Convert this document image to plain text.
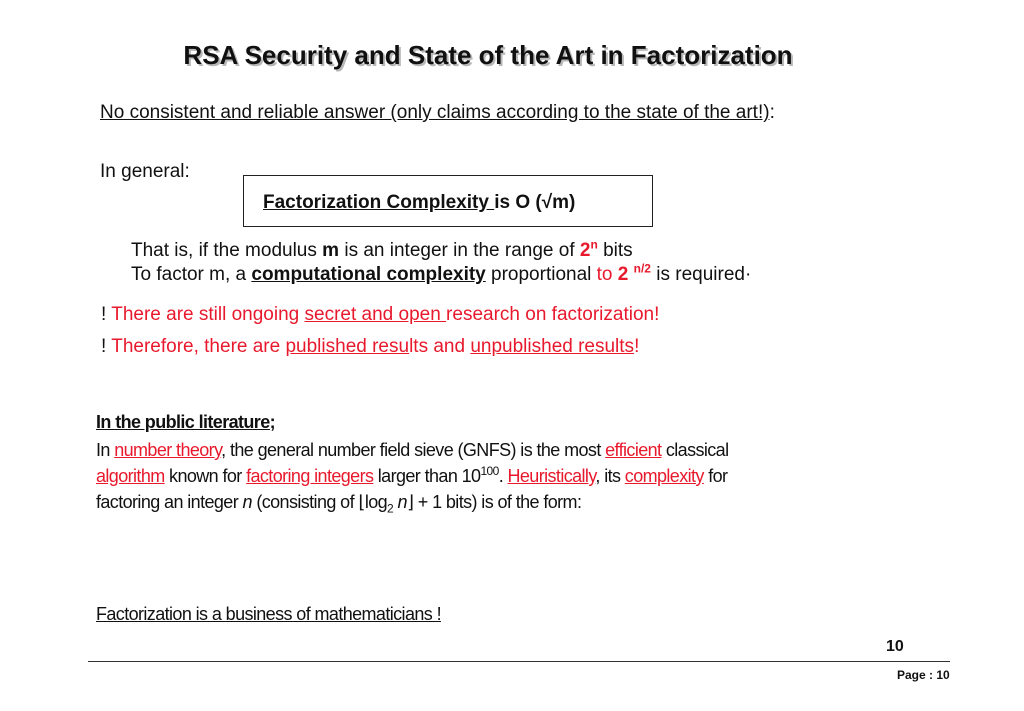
RSA Security and State of the Art in Factorization
No consistent and reliable answer (only claims according to the state of the art!):
In general:
Factorization Complexity is O (√m)
That is, if the modulus m is an integer in the range of 2$^n$ bits
To factor m, a computational complexity proportional to 2 $^{n/2}$ is required·
! There are still ongoing secret and open research on factorization!
! Therefore, there are published results and unpublished results!
In the public literature;
In number theory, the general number field sieve (GNFS) is the most efficient classical
algorithm known for factoring integers larger than $10^{100}$. Heuristically, its complexity for
factoring an integer n (consisting of $⌊\log_2$ n⌋ + 1 bits) is of the form:
Factorization is a business of mathematicians !
10
Page : 10
